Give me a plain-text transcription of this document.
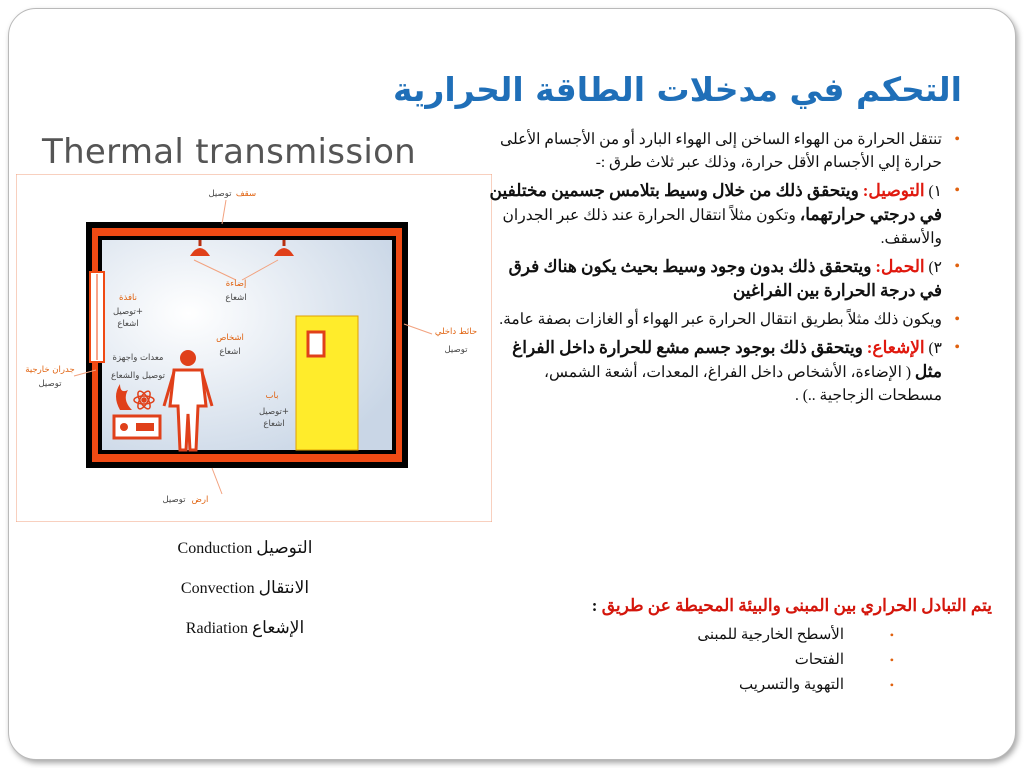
التحكم في مدخلات الطاقة الحرارية
Thermal transmission
سقف
توصيل
إضاءة
اشعاع
نافذة
توصيل+
اشعاع
اشخاص
اشعاع
معدات واجهزة
توصيل والشعاع
جدران خارجية
توصيل
حائط داخلي
توصيل
باب
توصيل+
اشعاع
ارض
توصيل
• تنتقل الحرارة من الهواء الساخن إلى الهواء البارد أو من الأجسام الأعلى حرارة إلي الأجسام الأقل حرارة، وذلك عبر ثلاث طرق :-
• ١) التوصيل: ويتحقق ذلك من خلال وسيط بتلامس جسمين مختلفين في درجتي حرارتهما، وتكون مثلاً انتقال الحرارة عند ذلك عبر الجدران والأسقف.
• ٢) الحمل: ويتحقق ذلك بدون وجود وسيط بحيث يكون هناك فرق في درجة الحرارة بين الفراغين
• ويكون ذلك مثلاً بطريق انتقال الحرارة عبر الهواء أو الغازات بصفة عامة.
• ٣) الإشعاع: ويتحقق ذلك بوجود جسم مشع للحرارة داخل الفراغ مثل ( الإضاءة، الأشخاص داخل الفراغ، المعدات، أشعة الشمس، مسطحات الزجاجية ..) .
يتم التبادل الحراري بين المبنى والبيئة المحيطة عن طريق :
• الأسطح الخارجية للمبنى
• الفتحات
• التهوية والتسريب
Conduction التوصيل
Convection الانتقال
Radiation الإشعاع
